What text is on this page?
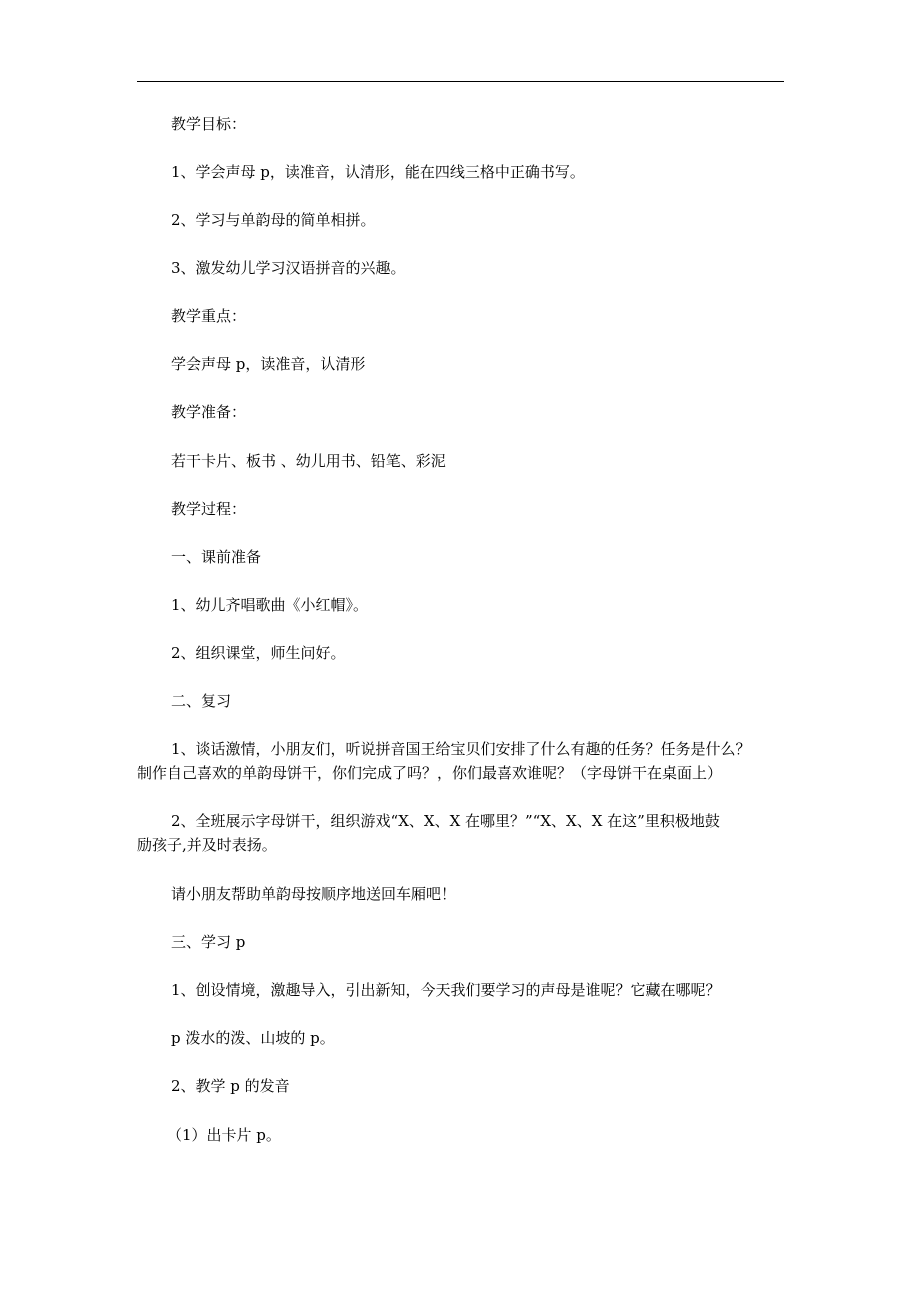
教学目标：
1、学会声母 p，读准音，认清形，能在四线三格中正确书写。
2、学习与单韵母的简单相拼。
3、激发幼儿学习汉语拼音的兴趣。
教学重点：
学会声母 p，读准音，认清形
教学准备：
若干卡片、板书 、幼儿用书、铅笔、彩泥
教学过程：
一、课前准备
1、幼儿齐唱歌曲《小红帽》。
2、组织课堂，师生问好。
二、复习
1、谈话激情，小朋友们，听说拼音国王给宝贝们安排了什么有趣的任务？任务是什么？
制作自己喜欢的单韵母饼干，你们完成了吗？，你们最喜欢谁呢？（字母饼干在桌面上）
2、全班展示字母饼干，组织游戏“X、X、X 在哪里？”“X、X、X 在这”里积极地鼓
励孩子,并及时表扬。
请小朋友帮助单韵母按顺序地送回车厢吧！
三、学习 p
1、创设情境，激趣导入，引出新知，今天我们要学习的声母是谁呢？它藏在哪呢？
p 泼水的泼、山坡的 p。
2、教学 p 的发音
（1）出卡片 p。
